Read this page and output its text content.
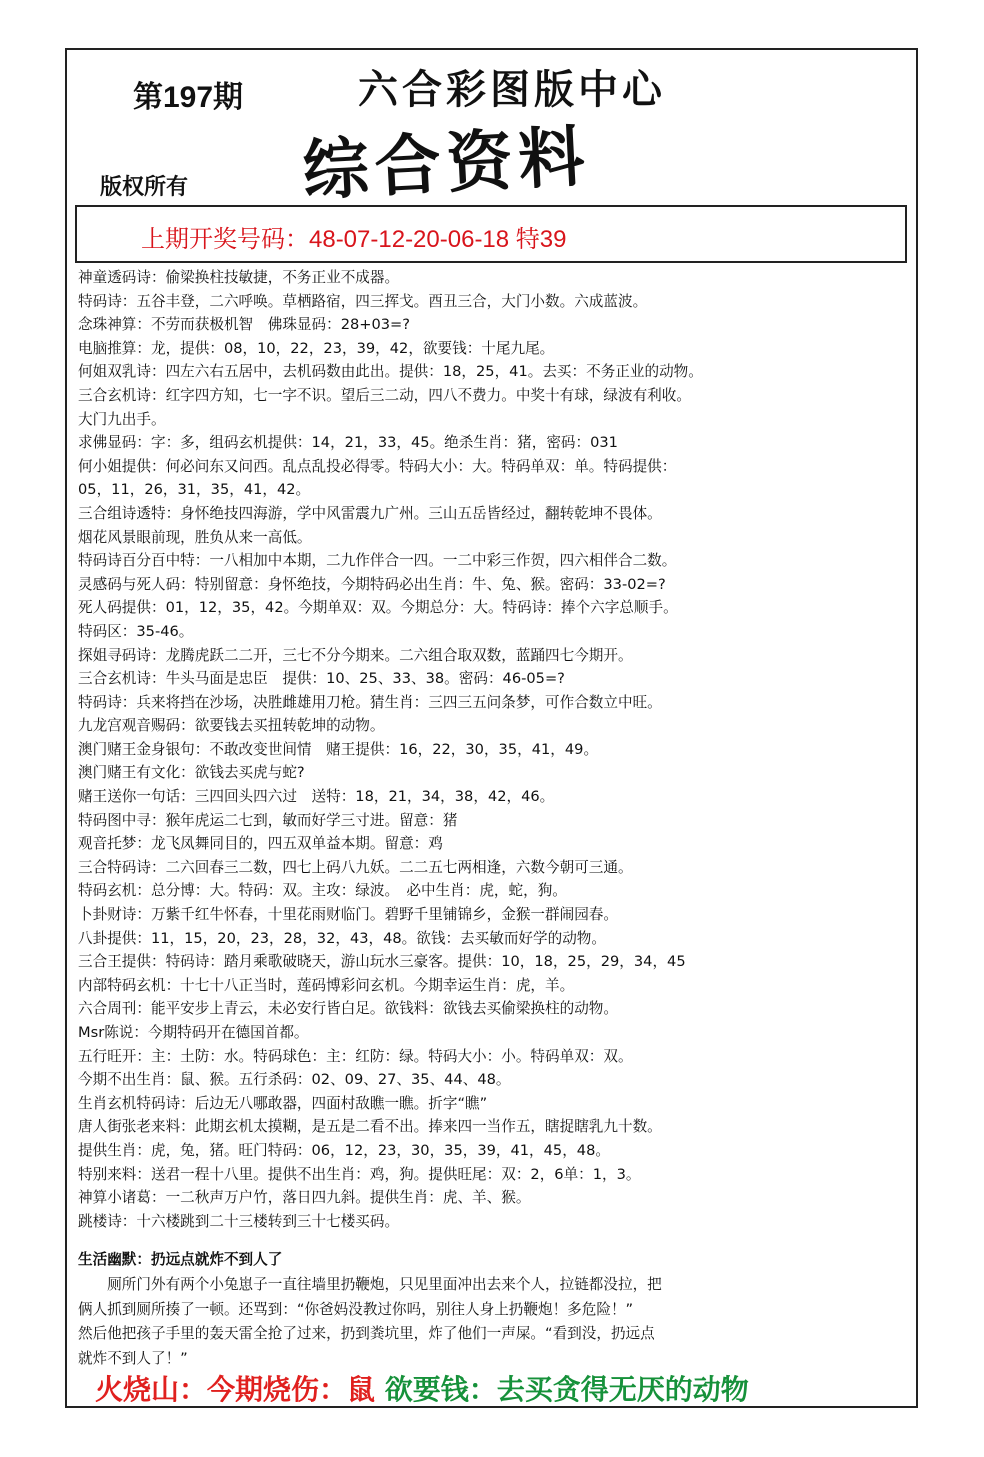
第197期	六合彩图版中心
版权所有 综合资料
上期开奖号码：48-07-12-20-06-18 特39
神童透码诗：偷梁换柱技敏捷，不务正业不成器。
特码诗：五谷丰登，二六呼唤。草栖路宿，四三挥戈。酉丑三合，大门小数。六成蓝波。
念珠神算：不劳而获极机智　佛珠显码：28+03=?
电脑推算：龙，提供：08，10，22，23，39，42，欲要钱：十尾九尾。
何姐双乳诗：四左六右五居中，去机码数由此出。提供：18，25，41。去买：不务正业的动物。
三合玄机诗：红字四方知，七一字不识。望后三二动，四八不费力。中奖十有球，绿波有利收。
大门九出手。
求佛显码：字：多，组码玄机提供：14，21，33，45。绝杀生肖：猪，密码：031
何小姐提供：何必问东又问西。乱点乱投必得零。特码大小：大。特码单双：单。特码提供：
05，11，26，31，35，41，42。
三合组诗透特：身怀绝技四海游，学中风雷震九广州。三山五岳皆经过，翻转乾坤不畏体。
烟花风景眼前现，胜负从来一高低。
特码诗百分百中特：一八相加中本期，二九作伴合一四。一二中彩三作贺，四六相伴合二数。
灵感码与死人码：特别留意：身怀绝技，今期特码必出生肖：牛、兔、猴。密码：33-02=?
死人码提供：01，12，35，42。今期单双：双。今期总分：大。特码诗：捧个六字总顺手。
特码区：35-46。
探姐寻码诗：龙腾虎跃二二开，三七不分今期来。二六组合取双数，蓝踊四七今期开。
三合玄机诗：牛头马面是忠臣　提供：10、25、33、38。密码：46-05=?
特码诗：兵来将挡在沙场，决胜雌雄用刀枪。猜生肖：三四三五问条梦，可作合数立中旺。
九龙宫观音赐码：欲要钱去买扭转乾坤的动物。
澳门赌王金身银句：不敢改变世间情　赌王提供：16，22，30，35，41，49。
澳门赌王有文化：欲钱去买虎与蛇?
赌王送你一句话：三四回头四六过　送特：18，21，34，38，42，46。
特码图中寻：猴年虎运二七到，敏而好学三寸进。留意：猪
观音托梦：龙飞凤舞同目的，四五双单益本期。留意：鸡
三合特码诗：二六回春三二数，四七上码八九妖。二二五七两相逢，六数今朝可三通。
特码玄机：总分博：大。特码：双。主攻：绿波。　必中生肖：虎，蛇，狗。
卜卦财诗：万紫千红牛怀春，十里花雨财临门。碧野千里铺锦乡，金猴一群闹园春。
八卦提供：11，15，20，23，28，32，43，48。欲钱：去买敏而好学的动物。
三合王提供：特码诗：踏月乘歌破晓天，游山玩水三豪客。提供：10，18，25，29，34，45
内部特码玄机：十七十八正当时，莲码博彩问玄机。今期幸运生肖：虎，羊。
六合周刊：能平安步上青云，未必安行皆白足。欲钱料：欲钱去买偷梁换柱的动物。
Msr陈说：今期特码开在德国首都。
五行旺开：主：土防：水。特码球色：主：红防：绿。特码大小：小。特码单双：双。
今期不出生肖：鼠、猴。五行杀码：02、09、27、35、44、48。
生肖玄机特码诗：后边无八哪敢器，四面村敌瞧一瞧。折字“瞧”
唐人街张老来料：此期玄机太摸糊，是五是二看不出。捧来四一当作五，瞎捉瞎乳九十数。
提供生肖：虎，兔，猪。旺门特码：06，12，23，30，35，39，41，45，48。
特别来料：送君一程十八里。提供不出生肖：鸡，狗。提供旺尾：双：2，6单：1，3。
神算小诸葛：一二秋声万户竹，落日四九斜。提供生肖：虎、羊、猴。
跳楼诗：十六楼跳到二十三楼转到三十七楼买码。
生活幽默：扔远点就炸不到人了
　　厕所门外有两个小兔崽子一直往墙里扔鞭炮，只见里面冲出去来个人，拉链都没拉，把
俩人抓到厕所揍了一顿。还骂到：“你爸妈没教过你吗，别往人身上扔鞭炮！多危险！”
然后他把孩子手里的轰天雷全抢了过来，扔到粪坑里，炸了他们一声屎。“看到没，扔远点
就炸不到人了！”
火烧山：今期烧伤：鼠 欲要钱：去买贪得无厌的动物
